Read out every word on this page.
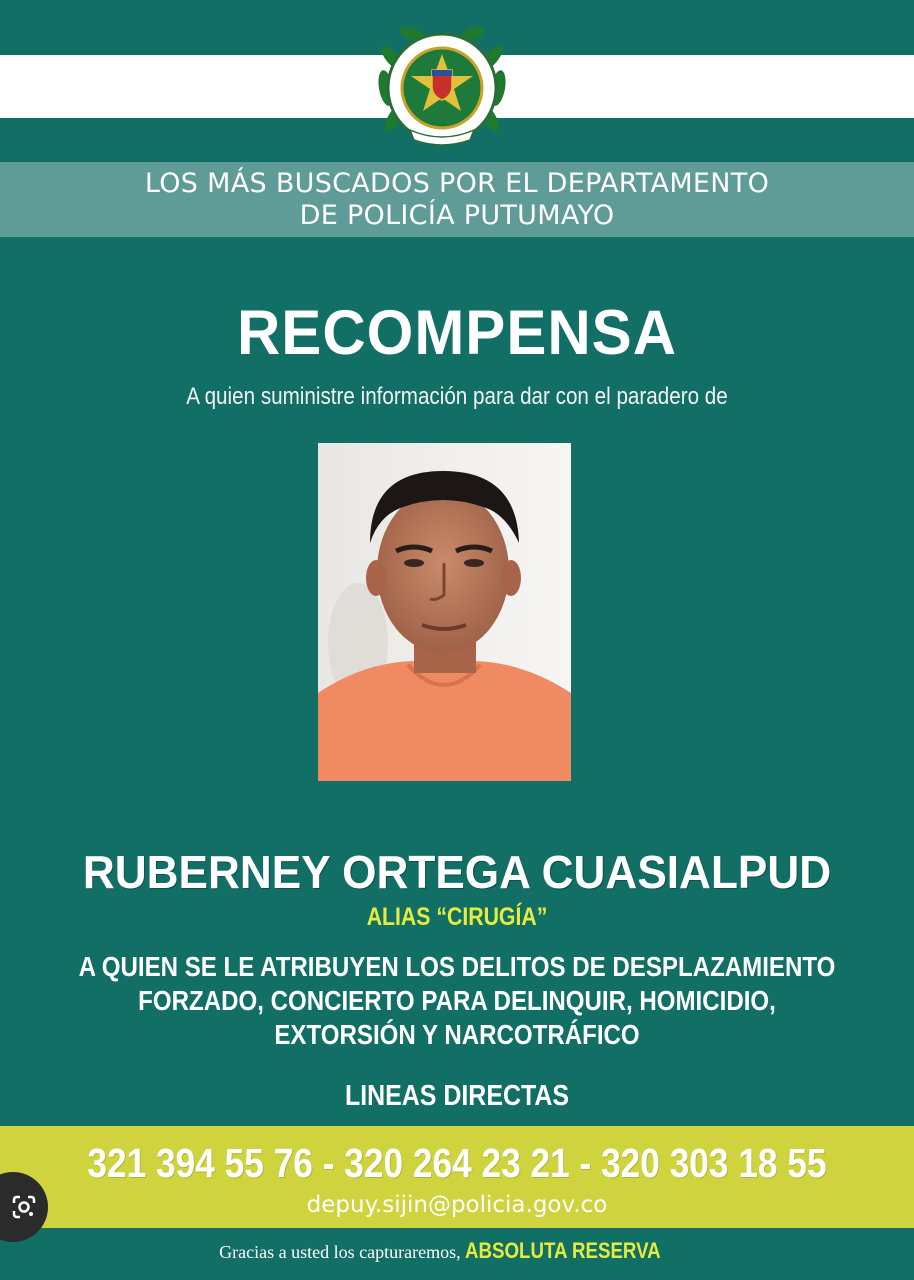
LOS MÁS BUSCADOS POR EL DEPARTAMENTO
DE POLICÍA PUTUMAYO
RECOMPENSA
A quien suministre información para dar con el paradero de
RUBERNEY ORTEGA CUASIALPUD
ALIAS “CIRUGÍA”
A QUIEN SE LE ATRIBUYEN LOS DELITOS DE DESPLAZAMIENTO
FORZADO, CONCIERTO PARA DELINQUIR, HOMICIDIO,
EXTORSIÓN Y NARCOTRÁFICO
LINEAS DIRECTAS
321 394 55 76 - 320 264 23 21 - 320 303 18 55
depuy.sijin@policia.gov.co
Gracias a usted los capturaremos, ABSOLUTA RESERVA
